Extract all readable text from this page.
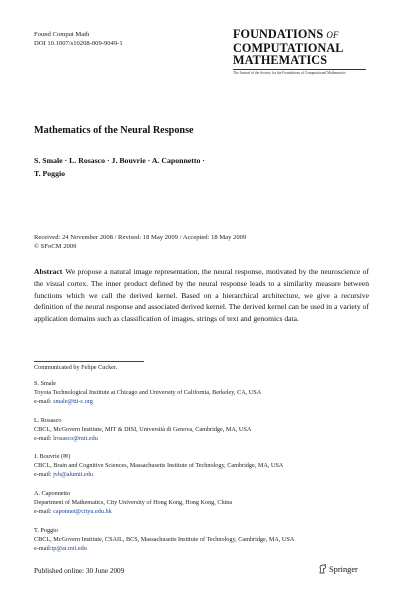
Found Comput Math
DOI 10.1007/s10208-009-9049-1
FOUNDATIONS OF
COMPUTATIONAL
MATHEMATICS
The Journal of the Society for the Foundations of Computational Mathematics
Mathematics of the Neural Response
S. Smale · L. Rosasco · J. Bouvrie · A. Caponnetto ·
T. Poggio
Received: 24 November 2008 / Revised: 18 May 2009 / Accepted: 18 May 2009
© SFoCM 2009
Abstract We propose a natural image representation, the neural response, motivated by the neuroscience of the visual cortex. The inner product defined by the neural response leads to a similarity measure between functions which we call the derived kernel. Based on a hierarchical architecture, we give a recursive definition of the neural response and associated derived kernel. The derived kernel can be used in a variety of application domains such as classification of images, strings of text and genomics data.
Communicated by Felipe Cucker.
S. Smale
Toyota Technological Institute at Chicago and University of California, Berkeley, CA, USA
e-mail: smale@tti-c.org
L. Rosasco
CBCL, McGovern Institute, MIT & DISI, Università di Genova, Cambridge, MA, USA
e-mail: lrosasco@mit.edu
J. Bouvrie (✉)
CBCL, Brain and Cognitive Sciences, Massachusetts Institute of Technology, Cambridge, MA, USA
e-mail: jvb@alumit.edu
A. Caponnetto
Department of Mathematics, City University of Hong Kong, Hong Kong, China
e-mail: caponnet@cityu.edu.hk
T. Poggio
CBCL, McGovern Institute, CSAIL, BCS, Massachusetts Institute of Technology, Cambridge, MA, USA
e-mail:tp@ai.mit.edu
Published online: 30 June 2009	Springer
